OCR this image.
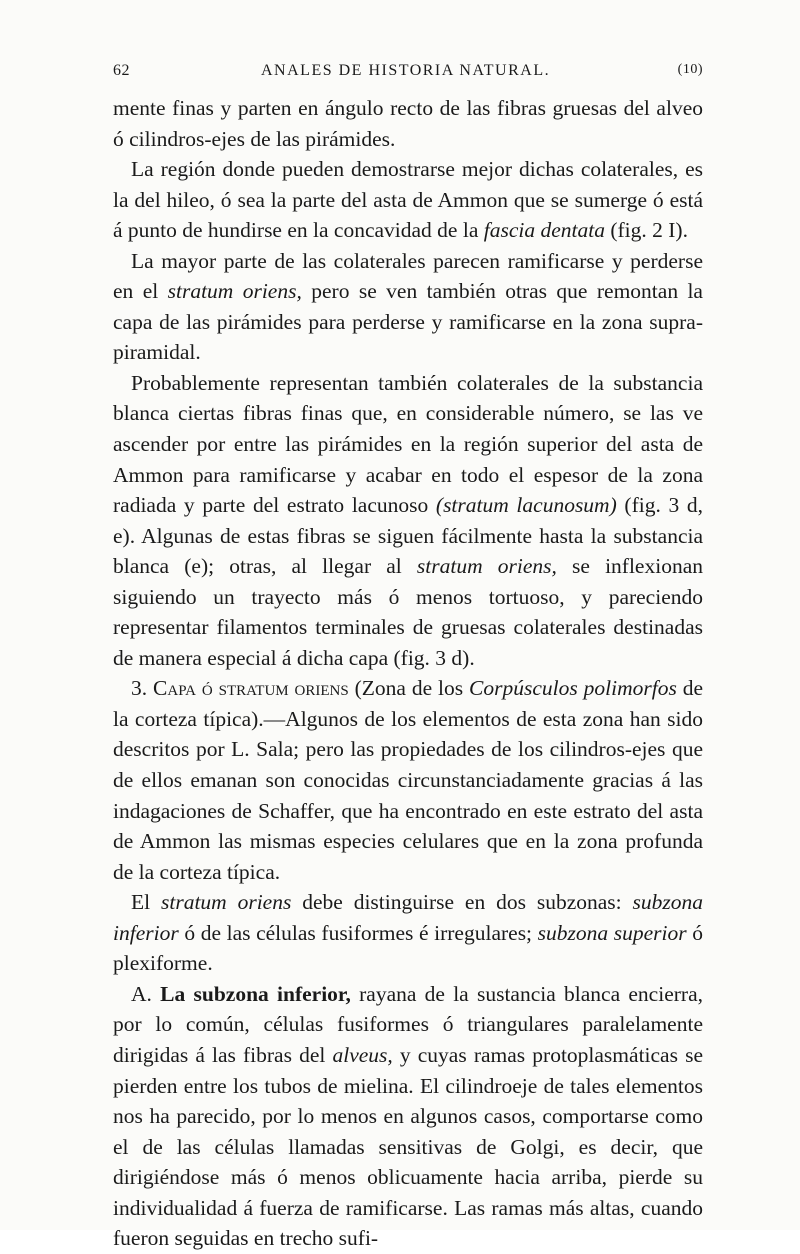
62	ANALES DE HISTORIA NATURAL.	(10)

mente finas y parten en ángulo recto de las fibras gruesas del alveo ó cilindros-ejes de las pirámides.

La región donde pueden demostrarse mejor dichas colaterales, es la del hileo, ó sea la parte del asta de Ammon que se sumerge ó está á punto de hundirse en la concavidad de la fascia dentata (fig. 2 I).

La mayor parte de las colaterales parecen ramificarse y perderse en el stratum oriens, pero se ven también otras que remontan la capa de las pirámides para perderse y ramificarse en la zona supra-piramidal.

Probablemente representan también colaterales de la substancia blanca ciertas fibras finas que, en considerable número, se las ve ascender por entre las pirámides en la región superior del asta de Ammon para ramificarse y acabar en todo el espesor de la zona radiada y parte del estrato lacunoso (stratum lacunosum) (fig. 3 d, e). Algunas de estas fibras se siguen fácilmente hasta la substancia blanca (e); otras, al llegar al stratum oriens, se inflexionan siguiendo un trayecto más ó menos tortuoso, y pareciendo representar filamentos terminales de gruesas colaterales destinadas de manera especial á dicha capa (fig. 3 d).

3. Capa ó stratum oriens (Zona de los Corpúsculos polimorfos de la corteza típica).—Algunos de los elementos de esta zona han sido descritos por L. Sala; pero las propiedades de los cilindros-ejes que de ellos emanan son conocidas circunstanciadamente gracias á las indagaciones de Schaffer, que ha encontrado en este estrato del asta de Ammon las mismas especies celulares que en la zona profunda de la corteza típica.

El stratum oriens debe distinguirse en dos subzonas: subzona inferior ó de las células fusiformes é irregulares; subzona superior ó plexiforme.

A. La subzona inferior, rayana de la sustancia blanca encierra, por lo común, células fusiformes ó triangulares paralelamente dirigidas á las fibras del alveus, y cuyas ramas protoplasmáticas se pierden entre los tubos de mielina. El cilindroeje de tales elementos nos ha parecido, por lo menos en algunos casos, comportarse como el de las células llamadas sensitivas de Golgi, es decir, que dirigiéndose más ó menos oblicuamente hacia arriba, pierde su individualidad á fuerza de ramificarse. Las ramas más altas, cuando fueron seguidas en trecho sufi-
